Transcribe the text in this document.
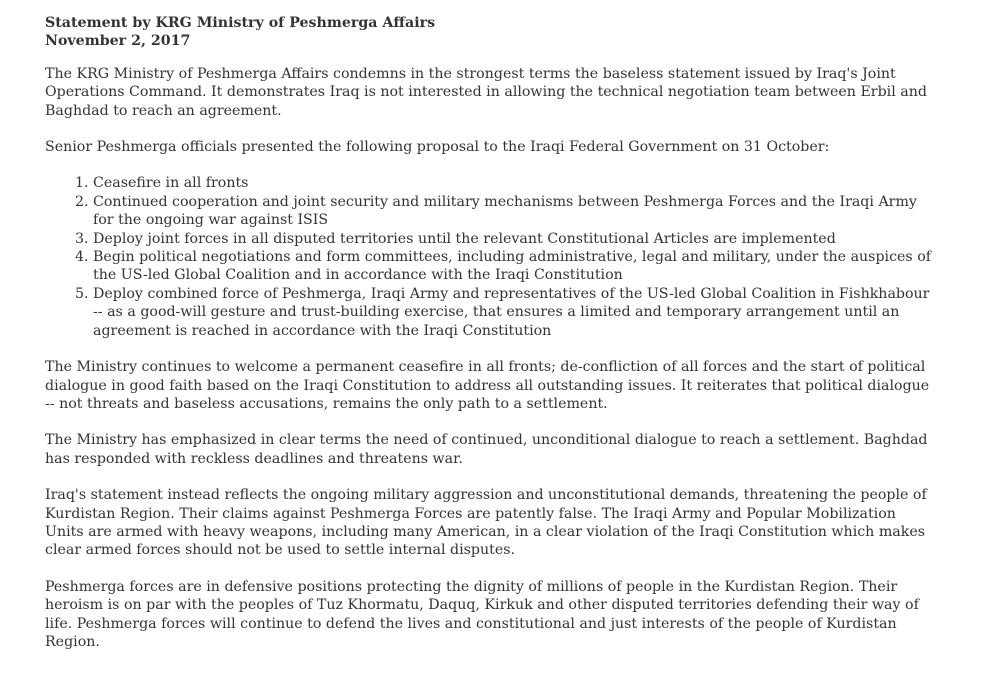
Statement by KRG Ministry of Peshmerga Affairs
November 2, 2017

The KRG Ministry of Peshmerga Affairs condemns in the strongest terms the baseless statement issued by Iraq's Joint Operations Command. It demonstrates Iraq is not interested in allowing the technical negotiation team between Erbil and Baghdad to reach an agreement.

Senior Peshmerga officials presented the following proposal to the Iraqi Federal Government on 31 October:

1. Ceasefire in all fronts
2. Continued cooperation and joint security and military mechanisms between Peshmerga Forces and the Iraqi Army for the ongoing war against ISIS
3. Deploy joint forces in all disputed territories until the relevant Constitutional Articles are implemented
4. Begin political negotiations and form committees, including administrative, legal and military, under the auspices of the US-led Global Coalition and in accordance with the Iraqi Constitution
5. Deploy combined force of Peshmerga, Iraqi Army and representatives of the US-led Global Coalition in Fishkhabour -- as a good-will gesture and trust-building exercise, that ensures a limited and temporary arrangement until an agreement is reached in accordance with the Iraqi Constitution

The Ministry continues to welcome a permanent ceasefire in all fronts; de-confliction of all forces and the start of political dialogue in good faith based on the Iraqi Constitution to address all outstanding issues. It reiterates that political dialogue -- not threats and baseless accusations, remains the only path to a settlement.

The Ministry has emphasized in clear terms the need of continued, unconditional dialogue to reach a settlement. Baghdad has responded with reckless deadlines and threatens war.

Iraq's statement instead reflects the ongoing military aggression and unconstitutional demands, threatening the people of Kurdistan Region. Their claims against Peshmerga Forces are patently false. The Iraqi Army and Popular Mobilization Units are armed with heavy weapons, including many American, in a clear violation of the Iraqi Constitution which makes clear armed forces should not be used to settle internal disputes.

Peshmerga forces are in defensive positions protecting the dignity of millions of people in the Kurdistan Region. Their heroism is on par with the peoples of Tuz Khormatu, Daquq, Kirkuk and other disputed territories defending their way of life. Peshmerga forces will continue to defend the lives and constitutional and just interests of the people of Kurdistan Region.
